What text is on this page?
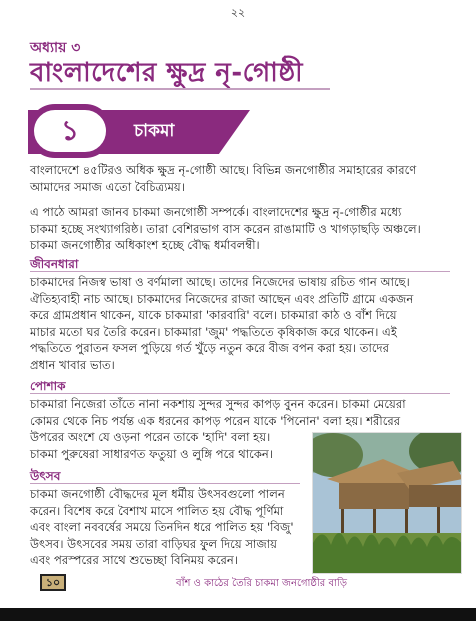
২২
অধ্যায় ৩
বাংলাদেশের ক্ষুদ্র নৃ-গোষ্ঠী
১	চাকমা
বাংলাদেশে ৪৫টিরও অধিক ক্ষুদ্র নৃ-গোষ্ঠী আছে। বিভিন্ন জনগোষ্ঠীর সমাহারের কারণে
আমাদের সমাজ এতো বৈচিত্র্যময়।
এ পাঠে আমরা জানব চাকমা জনগোষ্ঠী সম্পর্কে। বাংলাদেশের ক্ষুদ্র নৃ-গোষ্ঠীর মধ্যে
চাকমা হচ্ছে সংখ্যাগরিষ্ঠ। তারা বেশিরভাগ বাস করেন রাঙামাটি ও খাগড়াছড়ি অঞ্চলে।
চাকমা জনগোষ্ঠীর অধিকাংশ হচ্ছে বৌদ্ধ ধর্মাবলম্বী।
জীবনধারা
চাকমাদের নিজস্ব ভাষা ও বর্ণমালা আছে। তাদের নিজেদের ভাষায় রচিত গান আছে।
ঐতিহ্যবাহী নাচ আছে। চাকমাদের নিজেদের রাজা আছেন এবং প্রতিটি গ্রামে একজন
করে গ্রামপ্রধান থাকেন, যাকে চাকমারা 'কারবারি' বলে। চাকমারা কাঠ ও বাঁশ দিয়ে
মাচার মতো ঘর তৈরি করেন। চাকমারা 'জুম' পদ্ধতিতে কৃষিকাজ করে থাকেন। এই
পদ্ধতিতে পুরাতন ফসল পুড়িয়ে গর্ত খুঁড়ে নতুন করে বীজ বপন করা হয়। তাদের
প্রধান খাবার ভাত।
পোশাক
চাকমারা নিজেরা তাঁতে নানা নকশায় সুন্দর সুন্দর কাপড় বুনন করেন। চাকমা মেয়েরা
কোমর থেকে নিচ পর্যন্ত এক ধরনের কাপড় পরেন যাকে 'পিনোন' বলা হয়। শরীরের
উপরের অংশে যে ওড়না পরেন তাকে 'হাদি' বলা হয়।
চাকমা পুরুষেরা সাধারণত ফতুয়া ও লুঙ্গি পরে থাকেন।
উৎসব
চাকমা জনগোষ্ঠী বৌদ্ধদের মূল ধর্মীয় উৎসবগুলো পালন
করেন। বিশেষ করে বৈশাখ মাসে পালিত হয় বৌদ্ধ পূর্ণিমা
এবং বাংলা নববর্ষের সময়ে তিনদিন ধরে পালিত হয় 'বিজু'
উৎসব। উৎসবের সময় তারা বাড়িঘর ফুল দিয়ে সাজায়
এবং পরস্পরের সাথে শুভেচ্ছা বিনিময় করেন।
১০	বাঁশ ও কাঠের তৈরি চাকমা জনগোষ্ঠীর বাড়ি
